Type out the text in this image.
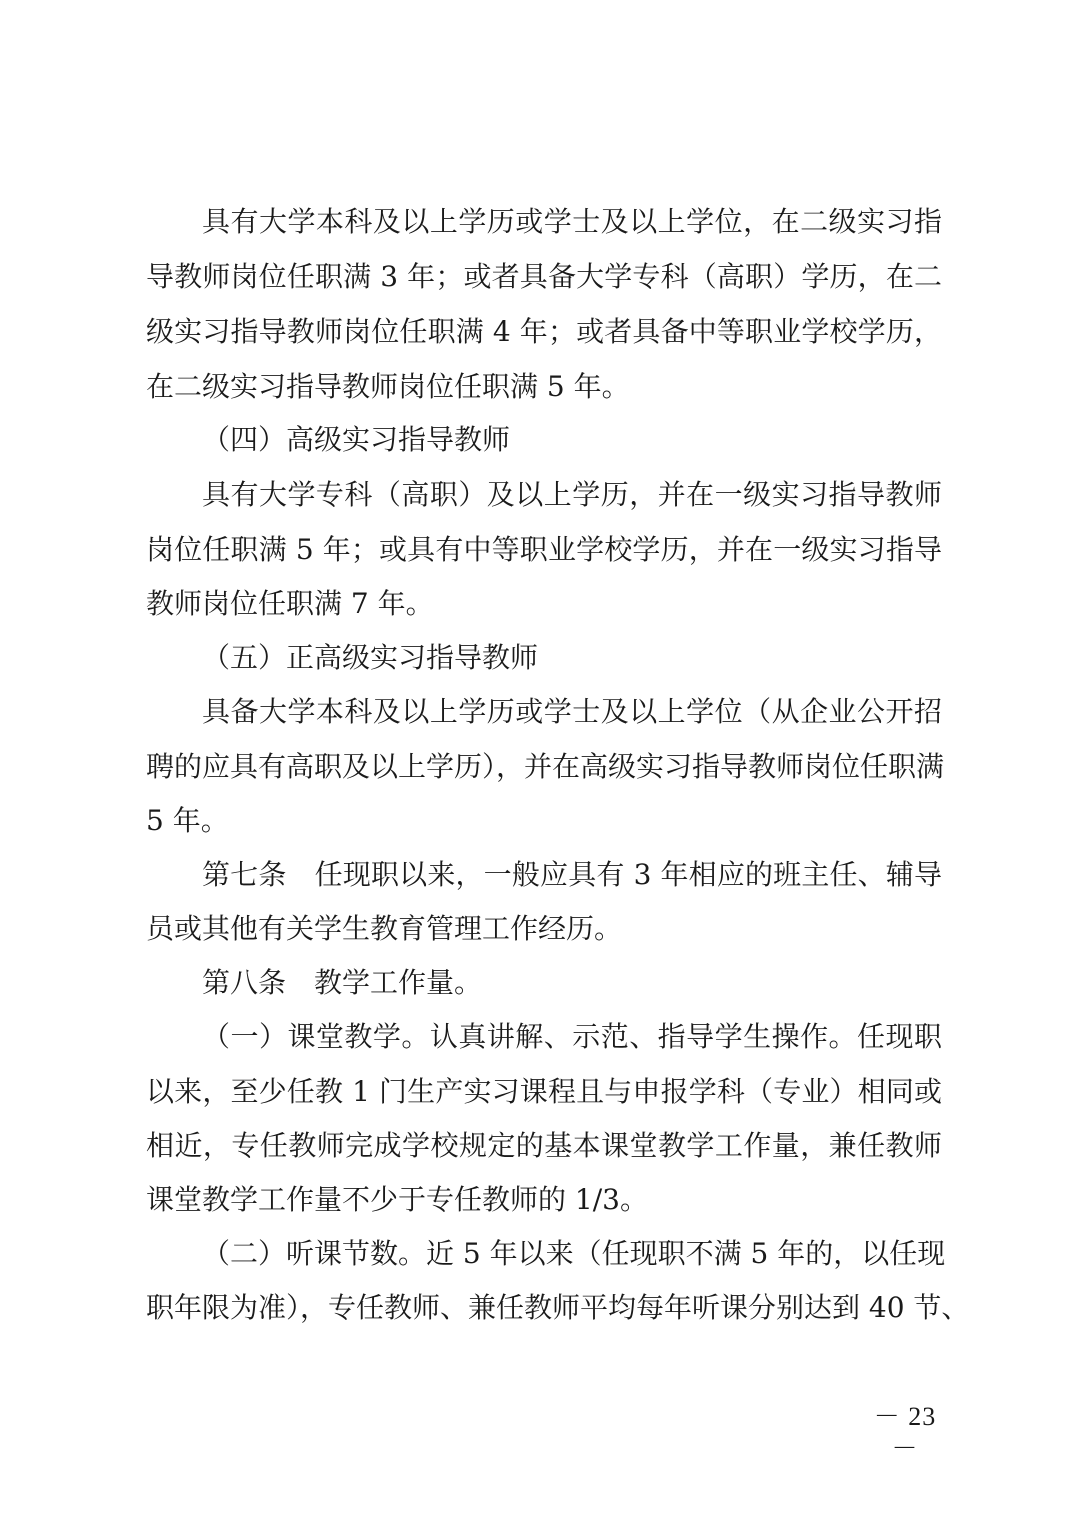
具有大学本科及以上学历或学士及以上学位，在二级实习指
导教师岗位任职满 3 年；或者具备大学专科（高职）学历，在二
级实习指导教师岗位任职满 4 年；或者具备中等职业学校学历，
在二级实习指导教师岗位任职满 5 年。
（四）高级实习指导教师
具有大学专科（高职）及以上学历，并在一级实习指导教师
岗位任职满 5 年；或具有中等职业学校学历，并在一级实习指导
教师岗位任职满 7 年。
（五）正高级实习指导教师
具备大学本科及以上学历或学士及以上学位（从企业公开招
聘的应具有高职及以上学历），并在高级实习指导教师岗位任职满
5 年。
第七条　任现职以来，一般应具有 3 年相应的班主任、辅导
员或其他有关学生教育管理工作经历。
第八条　教学工作量。
（一）课堂教学。认真讲解、示范、指导学生操作。任现职
以来，至少任教 1 门生产实习课程且与申报学科（专业）相同或
相近，专任教师完成学校规定的基本课堂教学工作量，兼任教师
课堂教学工作量不少于专任教师的 1/3。
（二）听课节数。近 5 年以来（任现职不满 5 年的，以任现
职年限为准），专任教师、兼任教师平均每年听课分别达到 40 节、
－ 23 －
